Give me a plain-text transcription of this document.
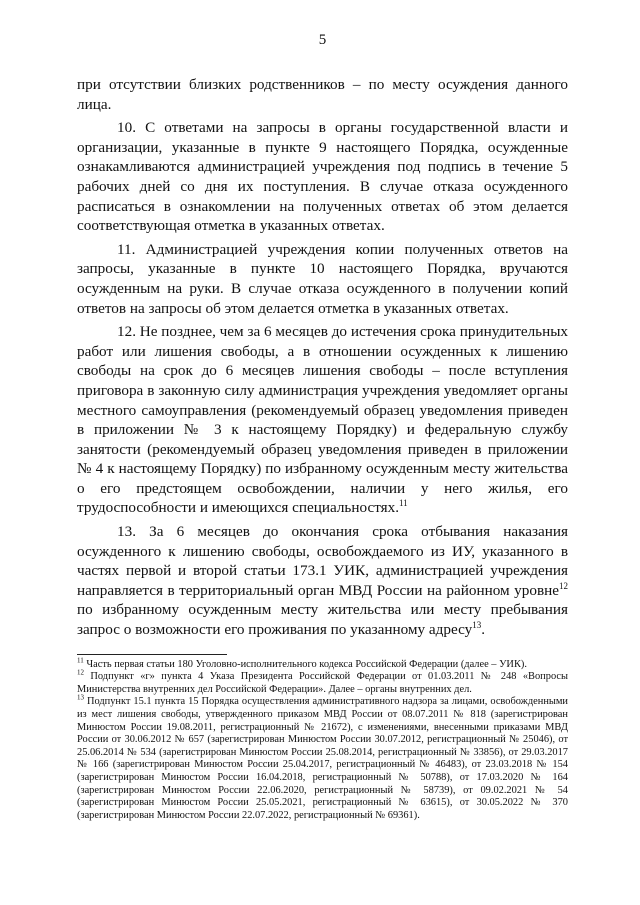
5

при отсутствии близких родственников – по месту осуждения данного лица.

10. С ответами на запросы в органы государственной власти и организации, указанные в пункте 9 настоящего Порядка, осужденные ознакамливаются администрацией учреждения под подпись в течение 5 рабочих дней со дня их поступления. В случае отказа осужденного расписаться в ознакомлении на полученных ответах об этом делается соответствующая отметка в указанных ответах.

11. Администрацией учреждения копии полученных ответов на запросы, указанные в пункте 10 настоящего Порядка, вручаются осужденным на руки. В случае отказа осужденного в получении копий ответов на запросы об этом делается отметка в указанных ответах.

12. Не позднее, чем за 6 месяцев до истечения срока принудительных работ или лишения свободы, а в отношении осужденных к лишению свободы на срок до 6 месяцев лишения свободы – после вступления приговора в законную силу администрация учреждения уведомляет органы местного самоуправления (рекомендуемый образец уведомления приведен в приложении № 3 к настоящему Порядку) и федеральную службу занятости (рекомендуемый образец уведомления приведен в приложении № 4 к настоящему Порядку) по избранному осужденным месту жительства о его предстоящем освобождении, наличии у него жилья, его трудоспособности и имеющихся специальностях.$^{11}$

13. За 6 месяцев до окончания срока отбывания наказания осужденного к лишению свободы, освобождаемого из ИУ, указанного в частях первой и второй статьи 173.1 УИК, администрацией учреждения направляется в территориальный орган МВД России на районном уровне$^{12}$ по избранному осужденным месту жительства или месту пребывания запрос о возможности его проживания по указанному адресу$^{13}$.

$^{11}$ Часть первая статьи 180 Уголовно-исполнительного кодекса Российской Федерации (далее – УИК).

$^{12}$ Подпункт «г» пункта 4 Указа Президента Российской Федерации от 01.03.2011 № 248 «Вопросы Министерства внутренних дел Российской Федерации». Далее – органы внутренних дел.

$^{13}$ Подпункт 15.1 пункта 15 Порядка осуществления административного надзора за лицами, освобожденными из мест лишения свободы, утвержденного приказом МВД России от 08.07.2011 № 818 (зарегистрирован Минюстом России 19.08.2011, регистрационный № 21672), с изменениями, внесенными приказами МВД России от 30.06.2012 № 657 (зарегистрирован Минюстом России 30.07.2012, регистрационный № 25046), от 25.06.2014 № 534 (зарегистрирован Минюстом России 25.08.2014, регистрационный № 33856), от 29.03.2017 № 166 (зарегистрирован Минюстом России 25.04.2017, регистрационный № 46483), от 23.03.2018 № 154 (зарегистрирован Минюстом России 16.04.2018, регистрационный № 50788), от 17.03.2020 № 164 (зарегистрирован Минюстом России 22.06.2020, регистрационный № 58739), от 09.02.2021 № 54 (зарегистрирован Минюстом России 25.05.2021, регистрационный № 63615), от 30.05.2022 № 370 (зарегистрирован Минюстом России 22.07.2022, регистрационный № 69361).
